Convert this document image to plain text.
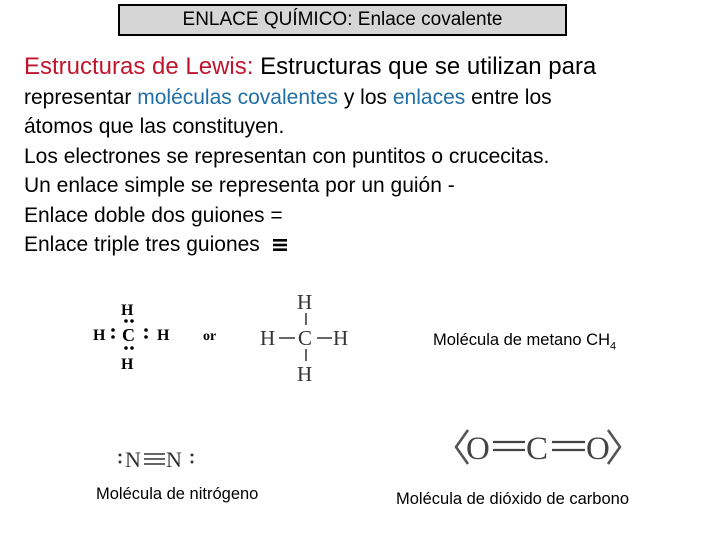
ENLACE QUÍMICO: Enlace covalente
Estructuras de Lewis: Estructuras que se utilizan para
representar moléculas covalentes y los enlaces entre los
átomos que las constituyen.
Los electrones se representan con puntitos o crucecitas.
Un enlace simple se representa por un guión -
Enlace doble dos guiones =
Enlace triple tres guiones
H
H
H	H
C	or
H
H
H	H
C	Molécula de metano $CH_4$
N N
Molécula de nitrógeno
O C O
Molécula de dióxido de carbono
